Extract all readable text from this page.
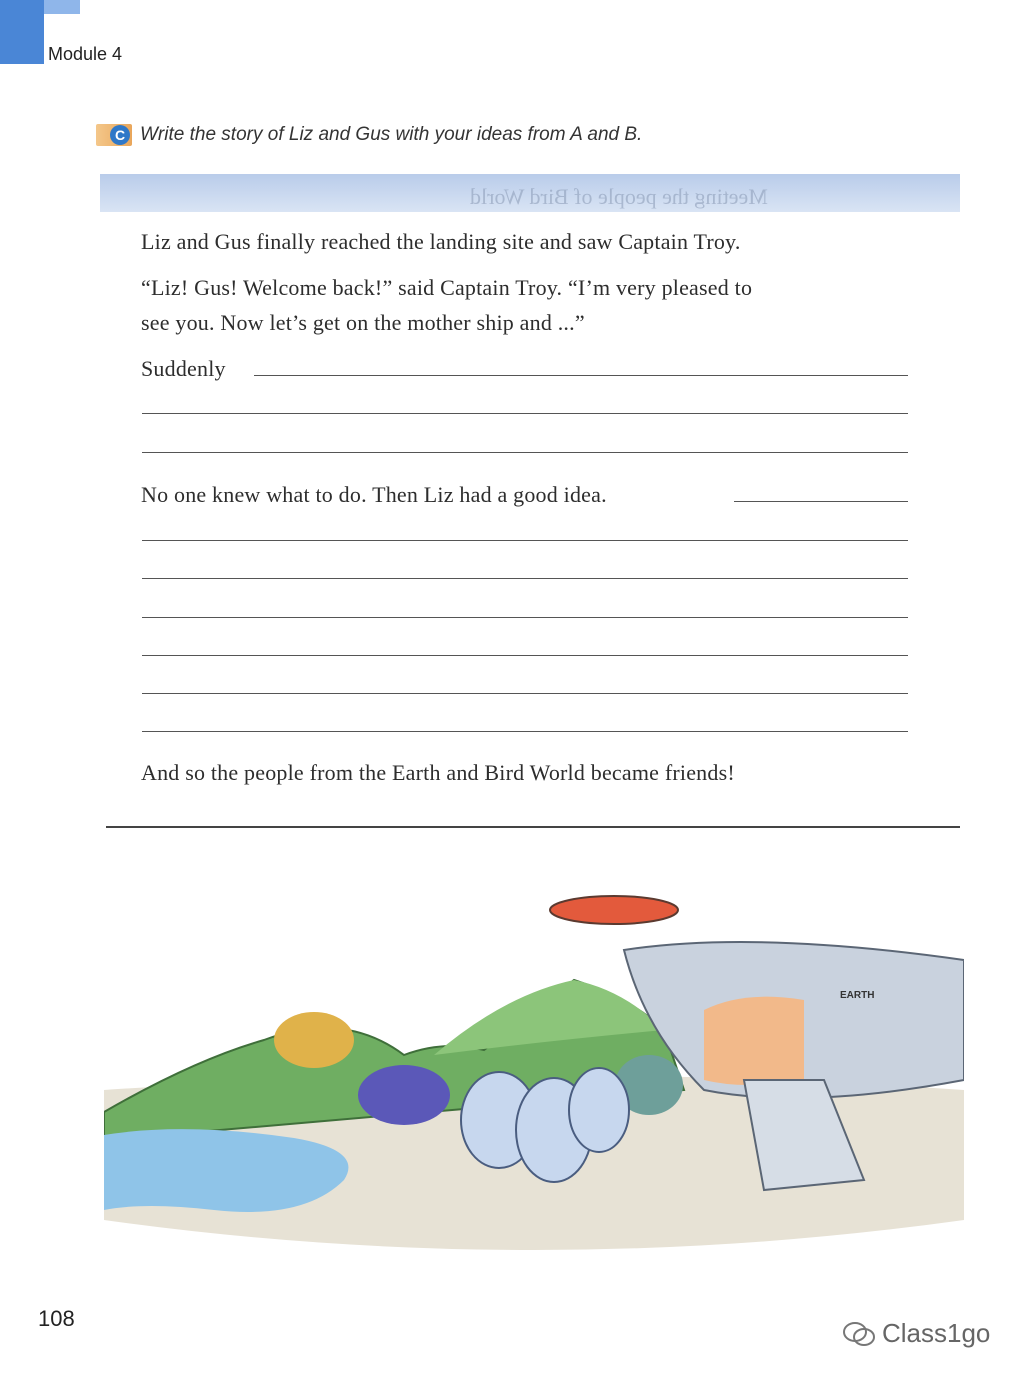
Module 4
C Write the story of Liz and Gus with your ideas from A and B.
Meeting the people of Bird World
Liz and Gus finally reached the landing site and saw Captain Troy.
“Liz! Gus! Welcome back!” said Captain Troy. “I’m very pleased to
see you. Now let’s get on the mother ship and ...”
Suddenly
No one knew what to do. Then Liz had a good idea.
And so the people from the Earth and Bird World became friends!
EARTH
108	Class1go
